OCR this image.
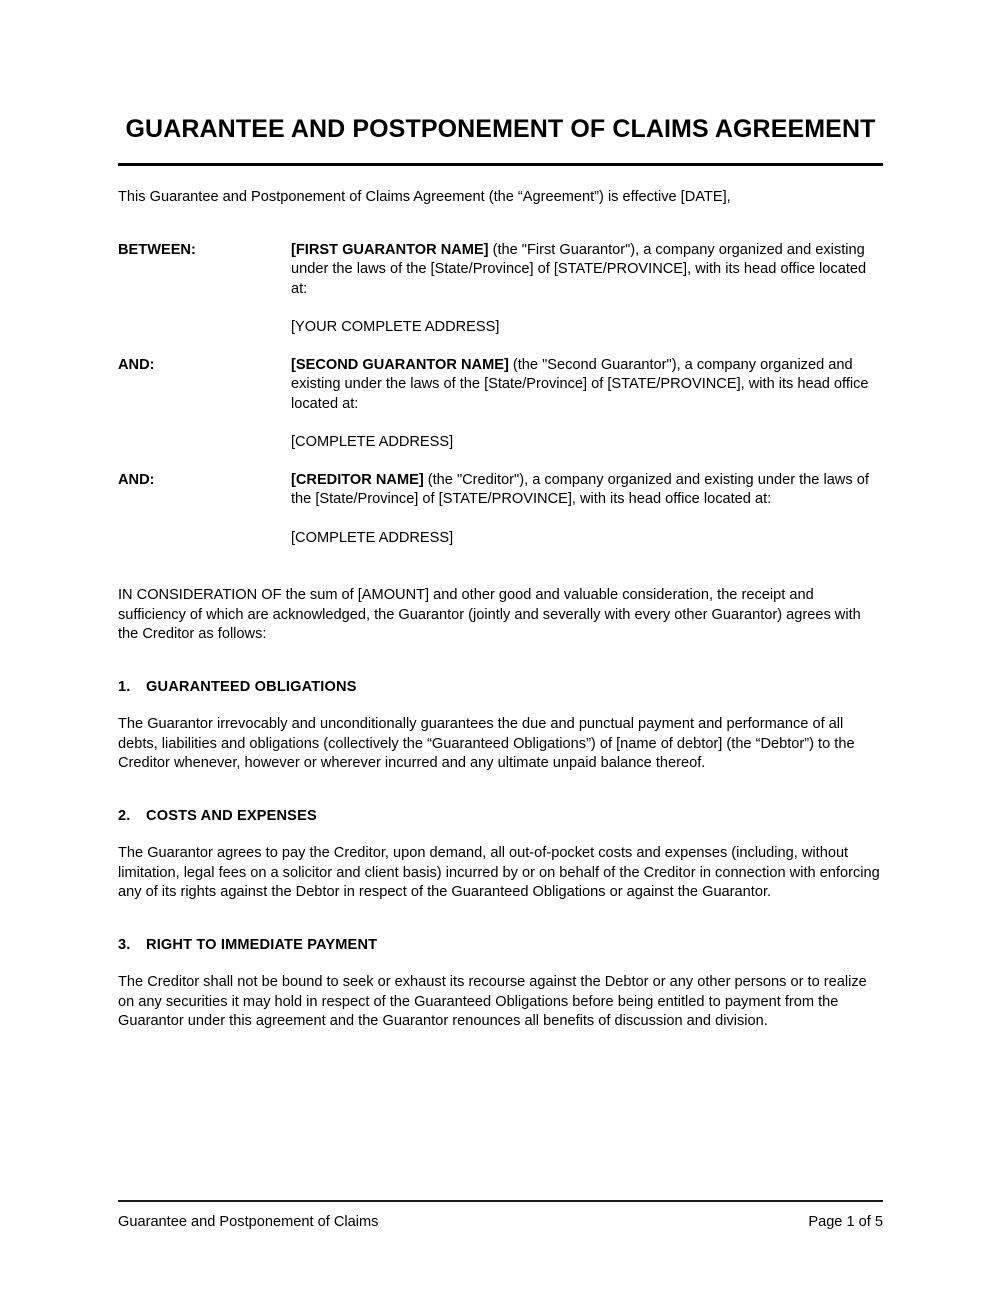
GUARANTEE AND POSTPONEMENT OF CLAIMS AGREEMENT

This Guarantee and Postponement of Claims Agreement (the “Agreement”) is effective [DATE],

BETWEEN:	[FIRST GUARANTOR NAME] (the "First Guarantor"), a company organized and existing under the laws of the [State/Province] of [STATE/PROVINCE], with its head office located at:
[YOUR COMPLETE ADDRESS]
AND:	[SECOND GUARANTOR NAME] (the "Second Guarantor"), a company organized and existing under the laws of the [State/Province] of [STATE/PROVINCE], with its head office located at:
[COMPLETE ADDRESS]
AND:	[CREDITOR NAME] (the "Creditor"), a company organized and existing under the laws of the [State/Province] of [STATE/PROVINCE], with its head office located at:
[COMPLETE ADDRESS]

IN CONSIDERATION OF the sum of [AMOUNT] and other good and valuable consideration, the receipt and sufficiency of which are acknowledged, the Guarantor (jointly and severally with every other Guarantor) agrees with the Creditor as follows:

1.	GUARANTEED OBLIGATIONS

The Guarantor irrevocably and unconditionally guarantees the due and punctual payment and performance of all debts, liabilities and obligations (collectively the “Guaranteed Obligations”) of [name of debtor] (the “Debtor”) to the Creditor whenever, however or wherever incurred and any ultimate unpaid balance thereof.

2.	COSTS AND EXPENSES

The Guarantor agrees to pay the Creditor, upon demand, all out-of-pocket costs and expenses (including, without limitation, legal fees on a solicitor and client basis) incurred by or on behalf of the Creditor in connection with enforcing any of its rights against the Debtor in respect of the Guaranteed Obligations or against the Guarantor.

3.	RIGHT TO IMMEDIATE PAYMENT

The Creditor shall not be bound to seek or exhaust its recourse against the Debtor or any other persons or to realize on any securities it may hold in respect of the Guaranteed Obligations before being entitled to payment from the Guarantor under this agreement and the Guarantor renounces all benefits of discussion and division.

Guarantee and Postponement of Claims	Page 1 of 5
